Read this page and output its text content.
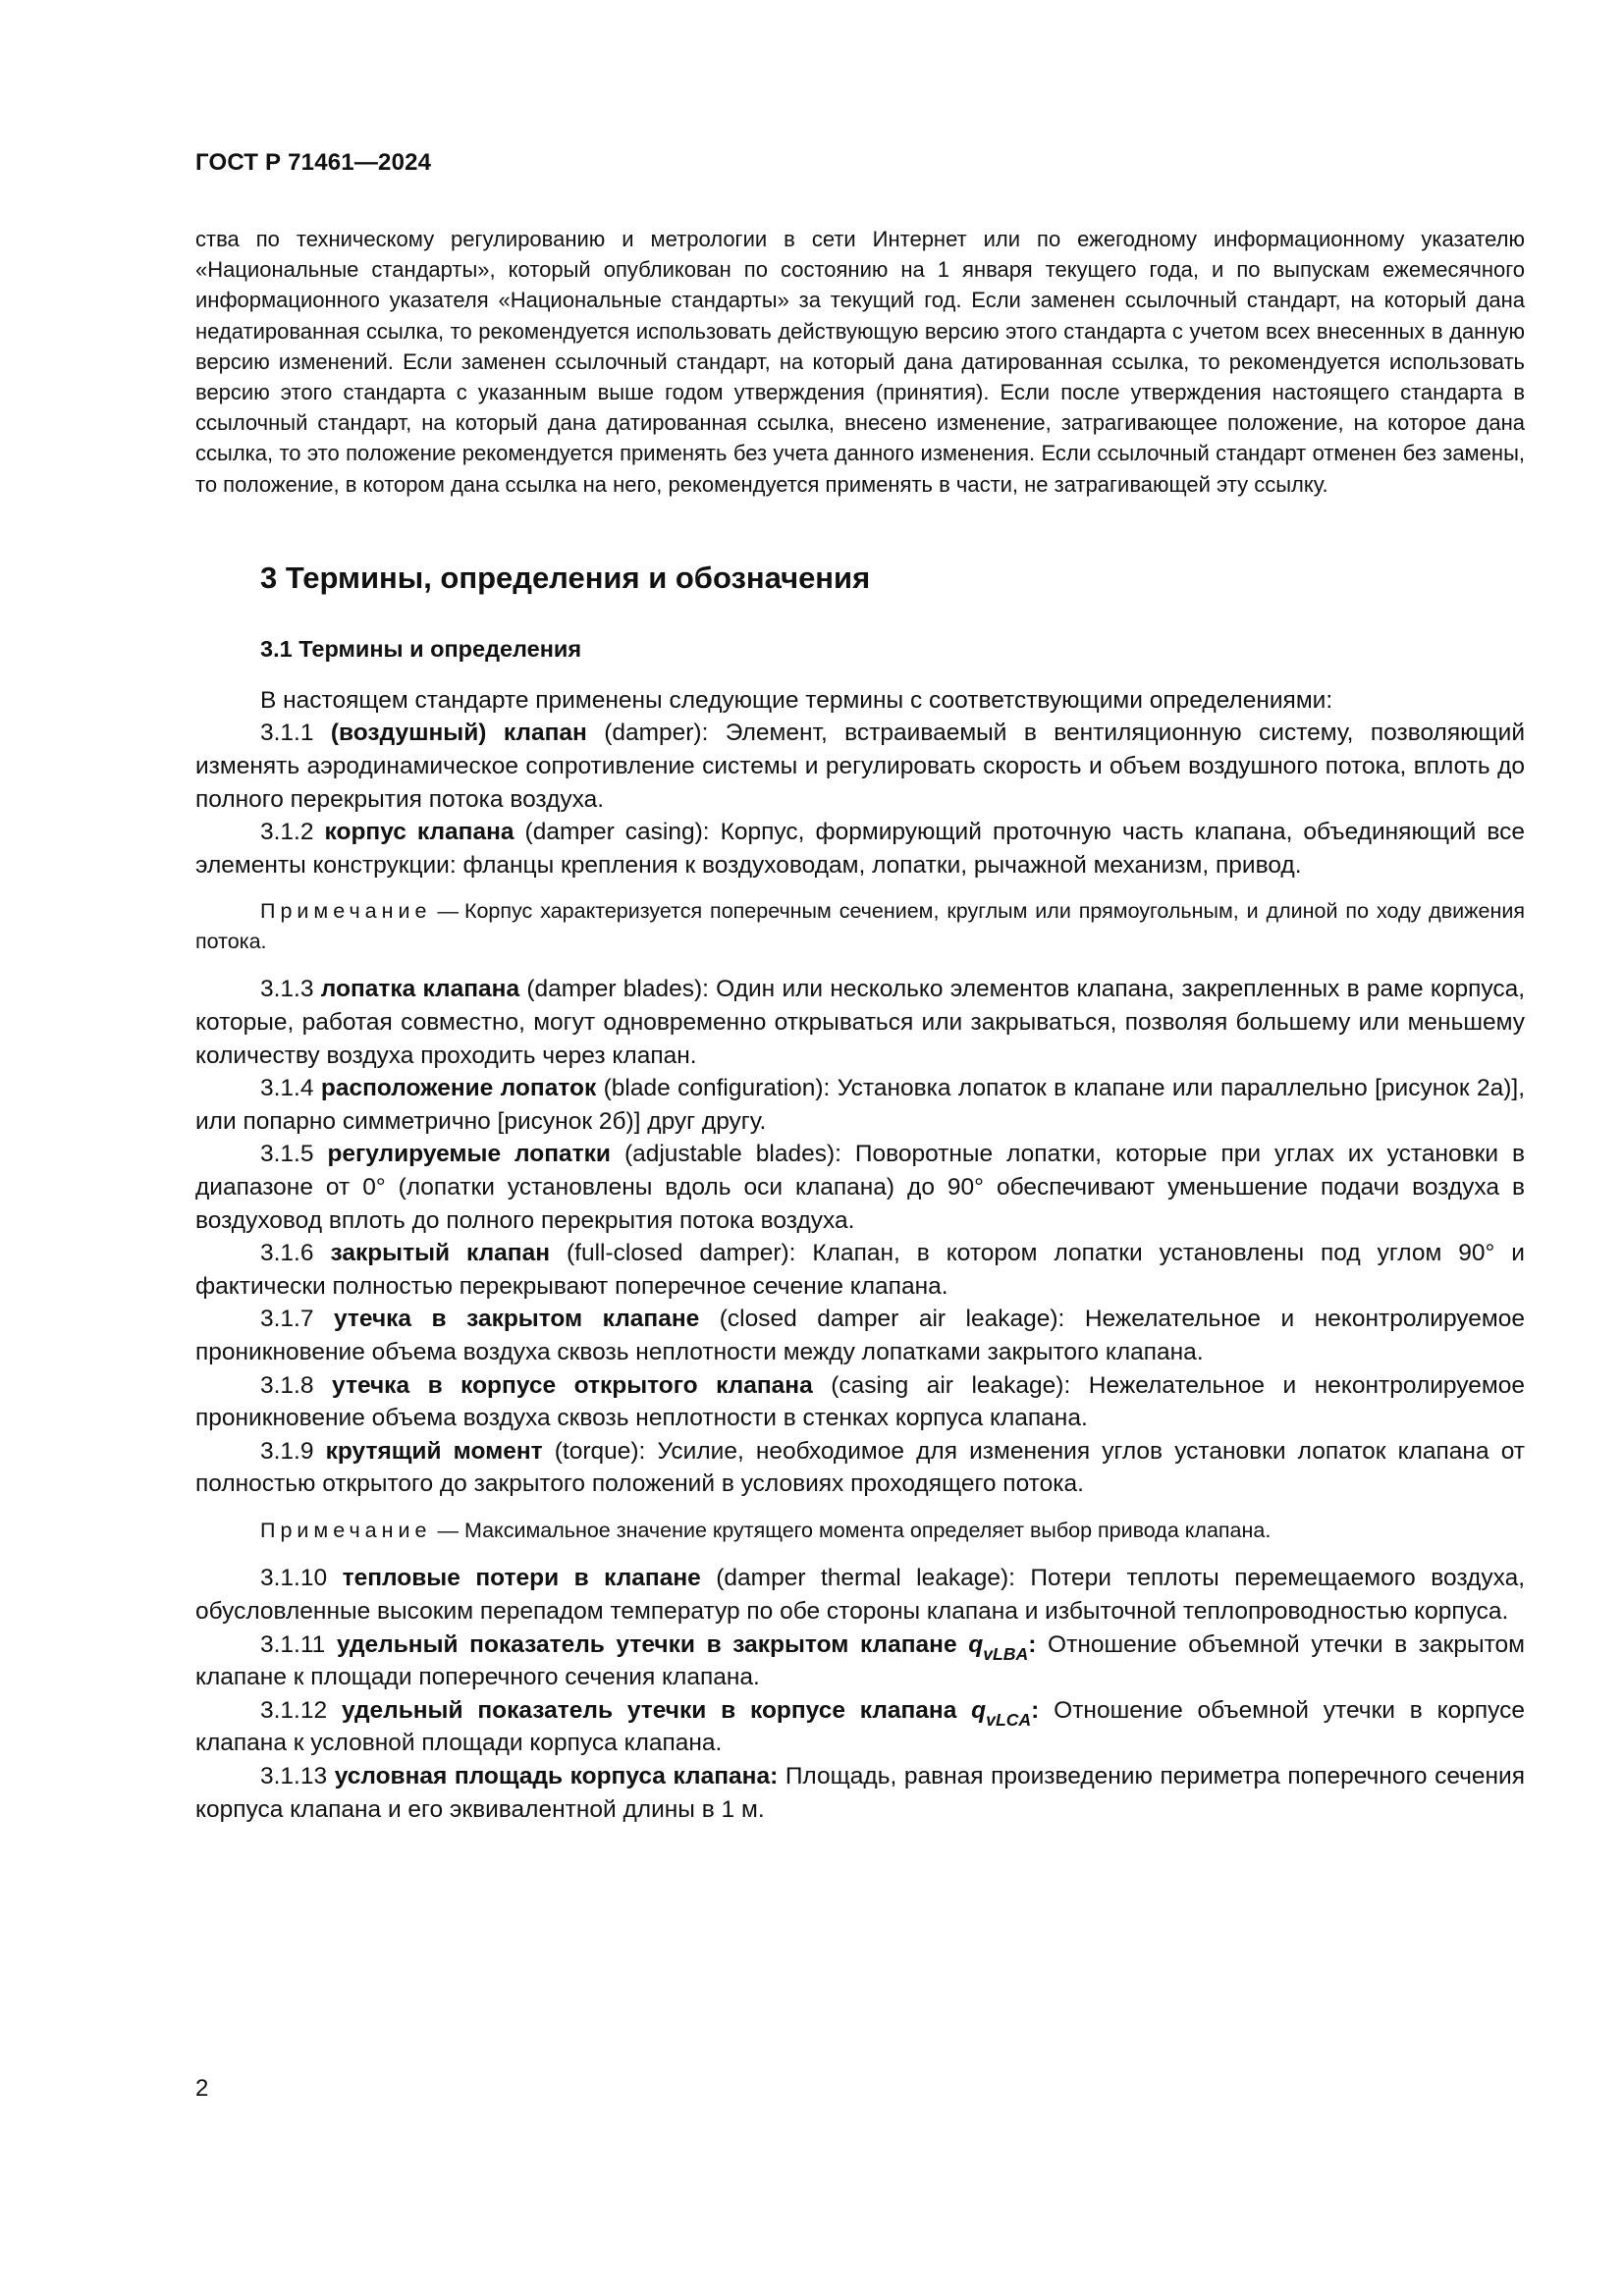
ГОСТ Р 71461—2024

ства по техническому регулированию и метрологии в сети Интернет или по ежегодному информационному указателю «Национальные стандарты», который опубликован по состоянию на 1 января текущего года, и по выпускам ежемесячного информационного указателя «Национальные стандарты» за текущий год. Если заменен ссылочный стандарт, на который дана недатированная ссылка, то рекомендуется использовать действующую версию этого стандарта с учетом всех внесенных в данную версию изменений. Если заменен ссылочный стандарт, на который дана датированная ссылка, то рекомендуется использовать версию этого стандарта с указанным выше годом утверждения (принятия). Если после утверждения настоящего стандарта в ссылочный стандарт, на который дана датированная ссылка, внесено изменение, затрагивающее положение, на которое дана ссылка, то это положение рекомендуется применять без учета данного изменения. Если ссылочный стандарт отменен без замены, то положение, в котором дана ссылка на него, рекомендуется применять в части, не затрагивающей эту ссылку.

3 Термины, определения и обозначения
3.1 Термины и определения

В настоящем стандарте применены следующие термины с соответствующими определениями:

3.1.1 (воздушный) клапан (damper): Элемент, встраиваемый в вентиляционную систему, позволяющий изменять аэродинамическое сопротивление системы и регулировать скорость и объем воздушного потока, вплоть до полного перекрытия потока воздуха.

3.1.2 корпус клапана (damper casing): Корпус, формирующий проточную часть клапана, объединяющий все элементы конструкции: фланцы крепления к воздуховодам, лопатки, рычажной механизм, привод.

Примечание — Корпус характеризуется поперечным сечением, круглым или прямоугольным, и длиной по ходу движения потока.

3.1.3 лопатка клапана (damper blades): Один или несколько элементов клапана, закрепленных в раме корпуса, которые, работая совместно, могут одновременно открываться или закрываться, позволяя большему или меньшему количеству воздуха проходить через клапан.

3.1.4 расположение лопаток (blade configuration): Установка лопаток в клапане или параллельно [рисунок 2а)], или попарно симметрично [рисунок 2б)] друг другу.

3.1.5 регулируемые лопатки (adjustable blades): Поворотные лопатки, которые при углах их установки в диапазоне от 0° (лопатки установлены вдоль оси клапана) до 90° обеспечивают уменьшение подачи воздуха в воздуховод вплоть до полного перекрытия потока воздуха.

3.1.6 закрытый клапан (full-closed damper): Клапан, в котором лопатки установлены под углом 90° и фактически полностью перекрывают поперечное сечение клапана.

3.1.7 утечка в закрытом клапане (closed damper air leakage): Нежелательное и неконтролируемое проникновение объема воздуха сквозь неплотности между лопатками закрытого клапана.

3.1.8 утечка в корпусе открытого клапана (casing air leakage): Нежелательное и неконтролируемое проникновение объема воздуха сквозь неплотности в стенках корпуса клапана.

3.1.9 крутящий момент (torque): Усилие, необходимое для изменения углов установки лопаток клапана от полностью открытого до закрытого положений в условиях проходящего потока.

Примечание — Максимальное значение крутящего момента определяет выбор привода клапана.

3.1.10 тепловые потери в клапане (damper thermal leakage): Потери теплоты перемещаемого воздуха, обусловленные высоким перепадом температур по обе стороны клапана и избыточной теплопроводностью корпуса.

3.1.11 удельный показатель утечки в закрытом клапане $q_{vLBA}$: Отношение объемной утечки в закрытом клапане к площади поперечного сечения клапана.

3.1.12 удельный показатель утечки в корпусе клапана $q_{vLCA}$: Отношение объемной утечки в корпусе клапана к условной площади корпуса клапана.

3.1.13 условная площадь корпуса клапана: Площадь, равная произведению периметра поперечного сечения корпуса клапана и его эквивалентной длины в 1 м.

2
